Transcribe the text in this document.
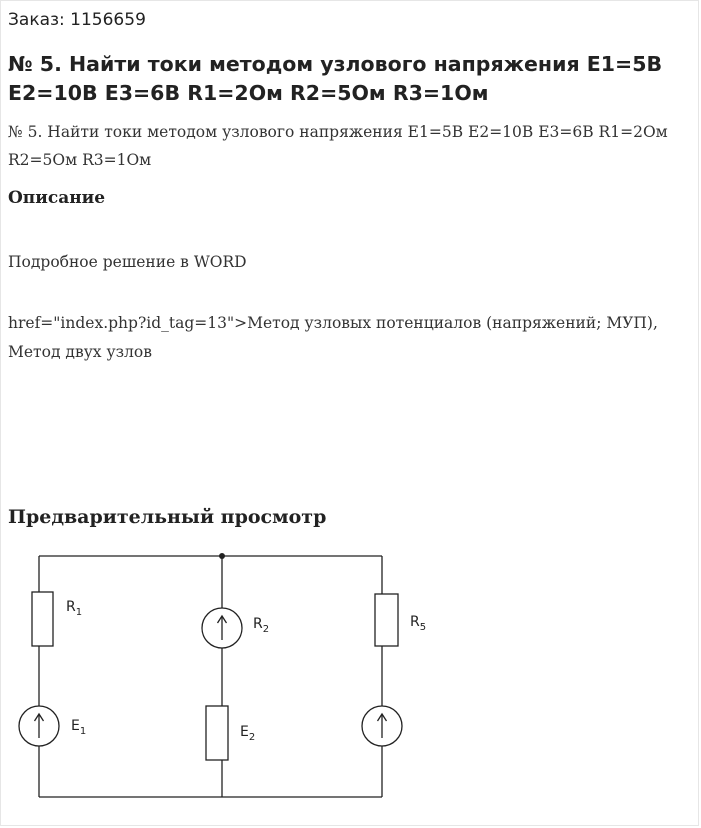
Заказ: 1156659
№ 5. Найти токи методом узлового напряжения E1=5В E2=10В E3=6В R1=2Ом R2=5Ом R3=1Ом

№ 5. Найти токи методом узлового напряжения E1=5В E2=10В E3=6В R1=2Ом R2=5Ом R3=1Ом

Описание

Подробное решение в WORD

href="index.php?id_tag=13">Метод узловых потенциалов (напряжений; МУП), Метод двух узлов

Предварительный просмотр
$R_1$
$R_2$	$R_5$
$E_1$	$E_2$
